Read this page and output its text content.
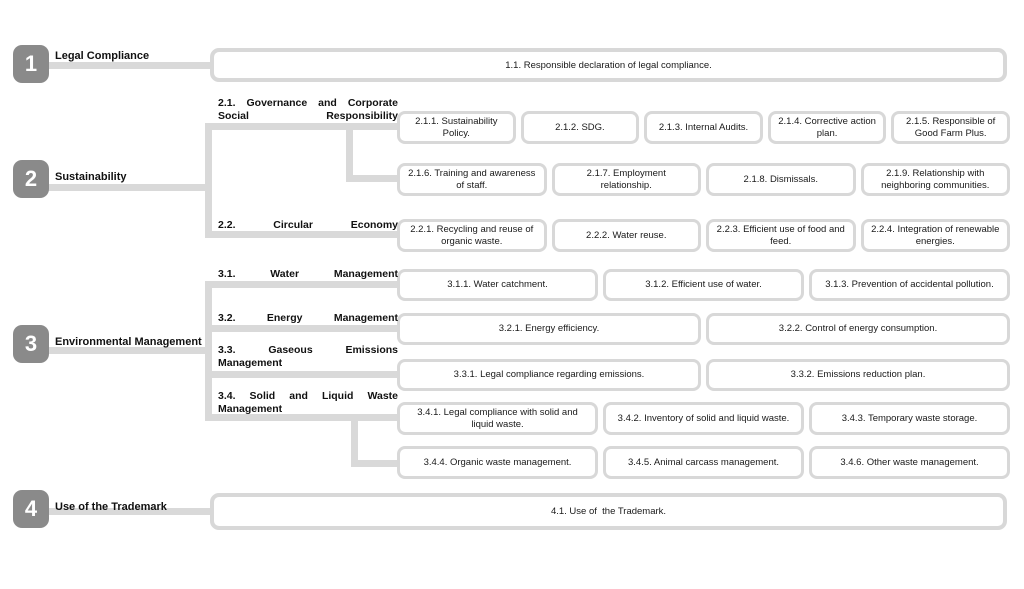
1	Legal Compliance
2	Sustainability
3	Environmental Management
4	Use of the Trademark
2.1. Governance and Corporate Social Responsibility
2.2. Circular Economy
3.1. Water Management
3.2. Energy Management
3.3. Gaseous Emissions Management
3.4. Solid and Liquid Waste Management
1.1. Responsible declaration of legal compliance.
4.1. Use of  the Trademark.
2.1.1. Sustainability Policy.
2.1.2. SDG.	2.1.3. Internal Audits.
2.1.4. Corrective action plan.
2.1.5. Responsible of Good Farm Plus.
2.1.6. Training and awareness of staff.
2.1.7. Employment relationship.
2.1.8. Dismissals.
2.1.9. Relationship with neighboring communities.
2.2.1. Recycling and reuse of organic waste.
2.2.2. Water reuse.
2.2.3. Efficient use of food and feed.
2.2.4. Integration of renewable energies.
3.1.1. Water catchment.	3.1.2. Efficient use of water.	3.1.3. Prevention of accidental pollution.
3.2.1. Energy efficiency.	3.2.2. Control of energy consumption.
3.3.1. Legal compliance regarding emissions.	3.3.2. Emissions reduction plan.
3.4.1. Legal compliance with solid and liquid waste.
3.4.2. Inventory of solid and liquid waste.	3.4.3. Temporary waste storage.
3.4.4. Organic waste management.	3.4.5. Animal carcass management.	3.4.6. Other waste management.
